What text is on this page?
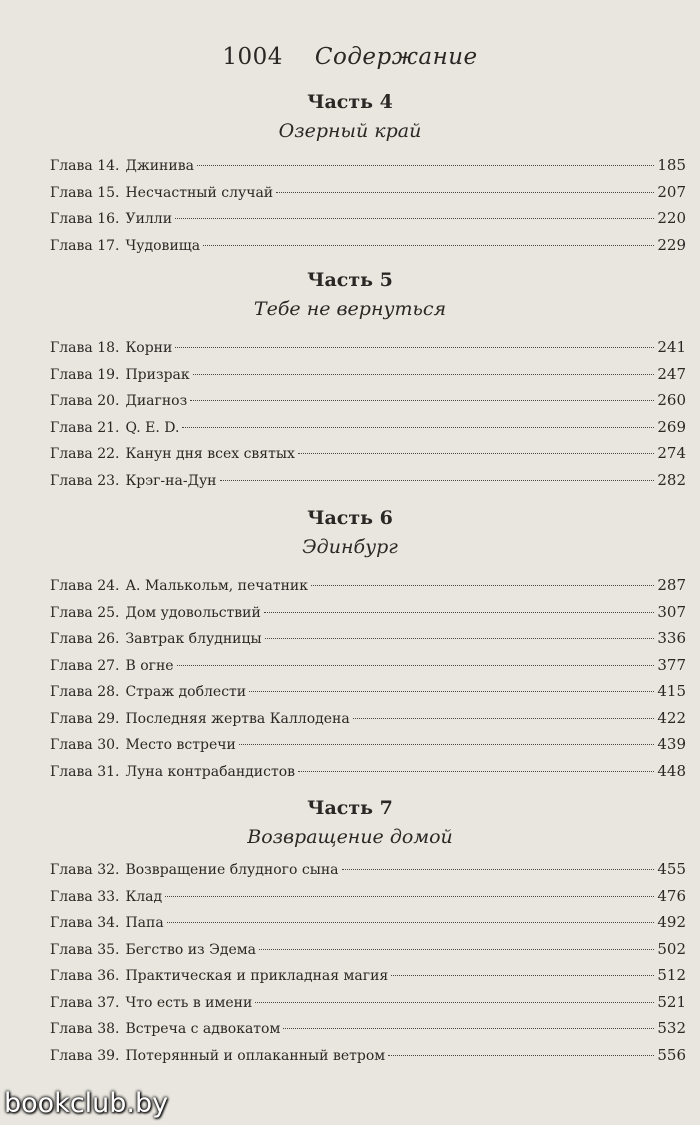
1004 Содержание
Часть 4
Озерный край
Глава 14. Джинива	185
Глава 15. Несчастный случай	207
Глава 16. Уилли	220
Глава 17. Чудовища	229
Часть 5
Тебе не вернуться
Глава 18. Корни	241
Глава 19. Призрак	247
Глава 20. Диагноз	260
Глава 21. Q. E. D.	269
Глава 22. Канун дня всех святых	274
Глава 23. Крэг-на-Дун	282
Часть 6
Эдинбург
Глава 24. А. Малькольм, печатник	287
Глава 25. Дом удовольствий	307
Глава 26. Завтрак блудницы	336
Глава 27. В огне	377
Глава 28. Страж доблести	415
Глава 29. Последняя жертва Каллодена	422
Глава 30. Место встречи	439
Глава 31. Луна контрабандистов	448
Часть 7
Возвращение домой
Глава 32. Возвращение блудного сына	455
Глава 33. Клад	476
Глава 34. Папа	492
Глава 35. Бегство из Эдема	502
Глава 36. Практическая и прикладная магия	512
Глава 37. Что есть в имени	521
Глава 38. Встреча с адвокатом	532
Глава 39. Потерянный и оплаканный ветром	556
bookclub.by
